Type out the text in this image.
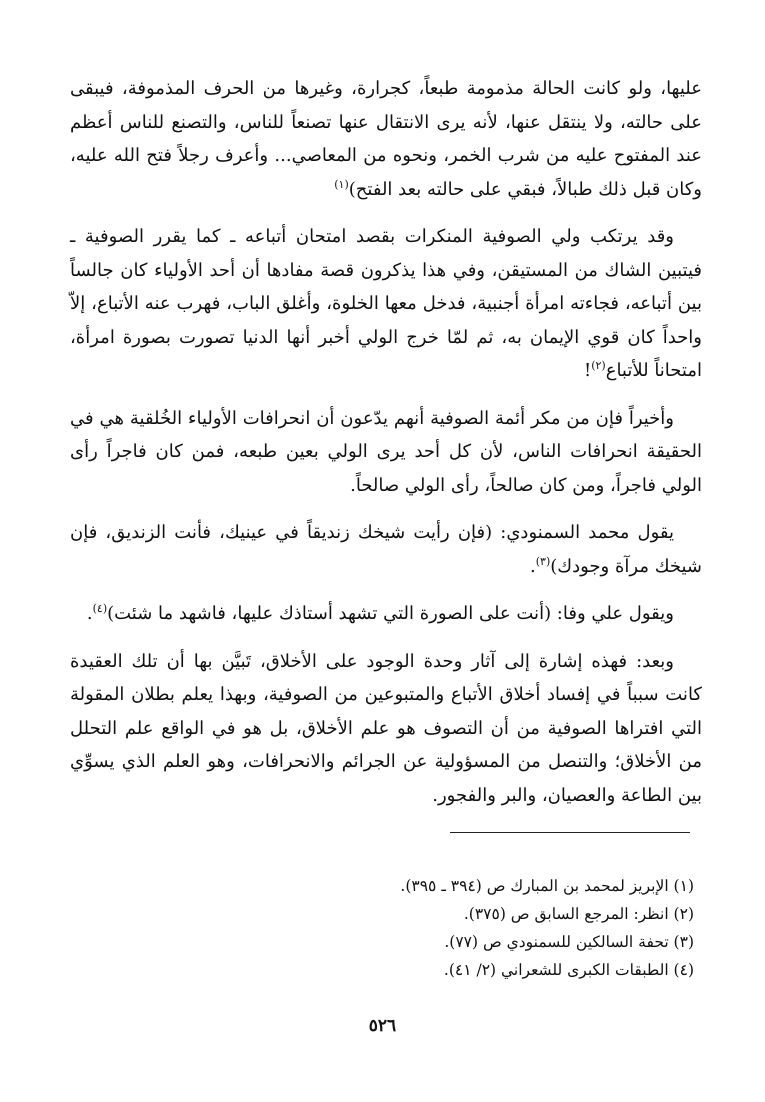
عليها، ولو كانت الحالة مذمومة طبعاً، كجرارة، وغيرها من الحرف المذموفة، فيبقى على حالته، ولا ينتقل عنها، لأنه يرى الانتقال عنها تصنعاً للناس، والتصنع للناس أعظم عند المفتوح عليه من شرب الخمر، ونحوه من المعاصي... وأعرف رجلاً فتح الله عليه، وكان قبل ذلك طبالاً، فبقي على حالته بعد الفتح)$^{(١)}$

وقد يرتكب ولي الصوفية المنكرات بقصد امتحان أتباعه ـ كما يقرر الصوفية ـ فيتبين الشاك من المستيقن، وفي هذا يذكرون قصة مفادها أن أحد الأولياء كان جالساً بين أتباعه، فجاءته امرأة أجنبية، فدخل معها الخلوة، وأغلق الباب، فهرب عنه الأتباع، إلاّ واحداً كان قوي الإيمان به، ثم لمّا خرج الولي أخبر أنها الدنيا تصورت بصورة امرأة، امتحاناً للأتباع$^{(٢)}$!

وأخيراً فإن من مكر أئمة الصوفية أنهم يدّعون أن انحرافات الأولياء الخُلقية هي في الحقيقة انحرافات الناس، لأن كل أحد يرى الولي بعين طبعه، فمن كان فاجراً رأى الولي فاجراً، ومن كان صالحاً، رأى الولي صالحاً.

يقول محمد السمنودي: (فإن رأيت شيخك زنديقاً في عينيك، فأنت الزنديق، فإن شيخك مرآة وجودك)$^{(٣)}$.

ويقول علي وفا: (أنت على الصورة التي تشهد أستاذك عليها، فاشهد ما شئت)$^{(٤)}$.

وبعد: فهذه إشارة إلى آثار وحدة الوجود على الأخلاق، تَبيَّن بها أن تلك العقيدة كانت سبباً في إفساد أخلاق الأتباع والمتبوعين من الصوفية، وبهذا يعلم بطلان المقولة التي افتراها الصوفية من أن التصوف هو علم الأخلاق، بل هو في الواقع علم التحلل من الأخلاق؛ والتنصل من المسؤولية عن الجرائم والانحرافات، وهو العلم الذي يسوِّي بين الطاعة والعصيان، والبر والفجور.

(١) الإبريز لمحمد بن المبارك ص (٣٩٤ ـ ٣٩٥).

(٢) انظر: المرجع السابق ص (٣٧٥).

(٣) تحفة السالكين للسمنودي ص (٧٧).

(٤) الطبقات الكبرى للشعراني (٢/ ٤١).

٥٢٦
